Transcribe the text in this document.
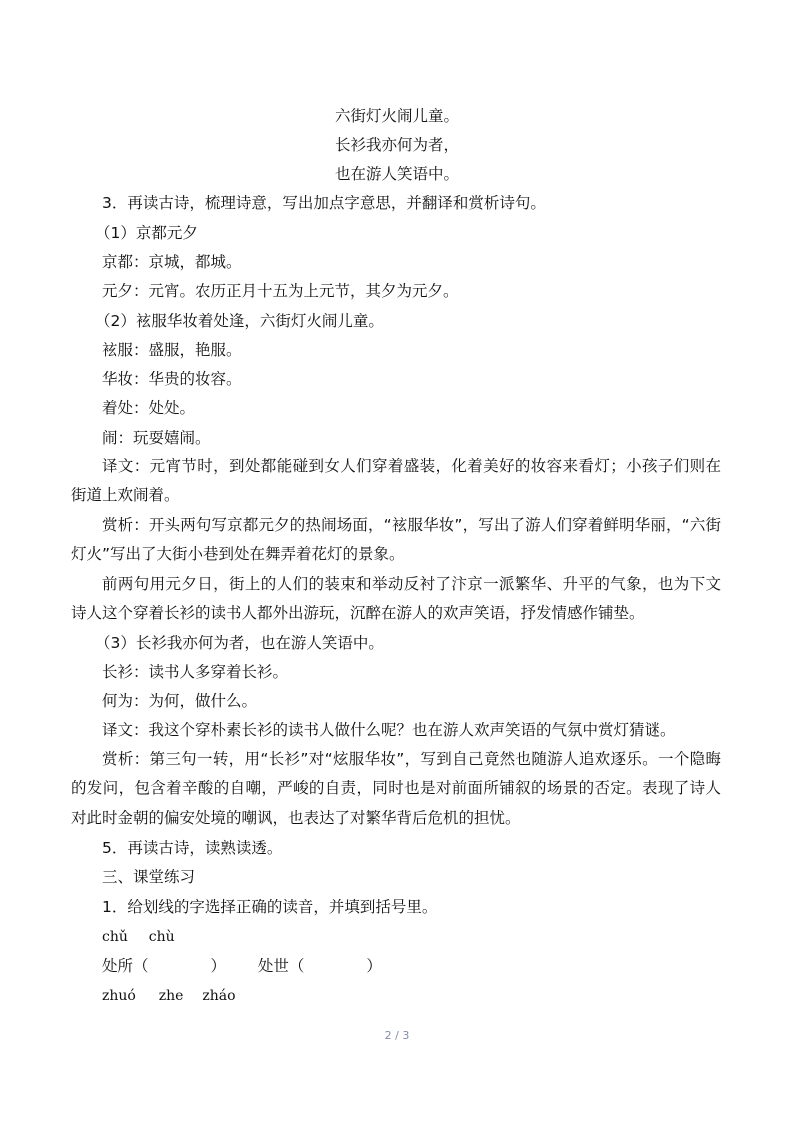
六街灯火闹儿童。
长衫我亦何为者，
也在游人笑语中。
3．再读古诗，梳理诗意，写出加点字意思，并翻译和赏析诗句。
（1）京都元夕
京都：京城，都城。
元夕：元宵。农历正月十五为上元节，其夕为元夕。
（2）袨服华妆着处逢，六街灯火闹儿童。
袨服：盛服，艳服。
华妆：华贵的妆容。
着处：处处。
闹：玩耍嬉闹。
译文：元宵节时，到处都能碰到女人们穿着盛装，化着美好的妆容来看灯；小孩子们则在街道上欢闹着。
赏析：开头两句写京都元夕的热闹场面，“袨服华妆”，写出了游人们穿着鲜明华丽，“六街灯火”写出了大街小巷到处在舞弄着花灯的景象。
前两句用元夕日，街上的人们的装束和举动反衬了汴京一派繁华、升平的气象，也为下文诗人这个穿着长衫的读书人都外出游玩，沉醉在游人的欢声笑语，抒发情感作铺垫。
（3）长衫我亦何为者，也在游人笑语中。
长衫：读书人多穿着长衫。
何为：为何，做什么。
译文：我这个穿朴素长衫的读书人做什么呢？也在游人欢声笑语的气氛中赏灯猜谜。
赏析：第三句一转，用“长衫”对“炫服华妆”，写到自己竟然也随游人追欢逐乐。一个隐晦的发问，包含着辛酸的自嘲，严峻的自责，同时也是对前面所铺叙的场景的否定。表现了诗人对此时金朝的偏安处境的嘲讽，也表达了对繁华背后危机的担忧。
5．再读古诗，读熟读透。
三、课堂练习
1．给划线的字选择正确的读音，并填到括号里。
chǔ chù
处所（	） 处世（	）
zhuó zhe zháo
2 / 3
